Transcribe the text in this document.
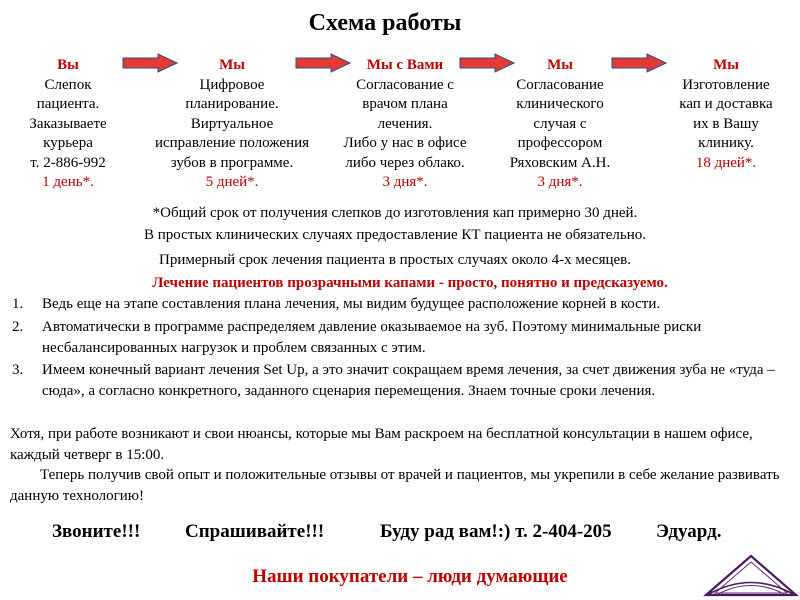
Схема работы
Вы
Слепок
пациента.
Заказываете
курьера
т. 2-886-992
1 день*.
Мы
Цифровое
планирование.
Виртуальное
исправление положения
зубов в программе.
5 дней*.
Мы с Вами
Согласование с
врачом плана
лечения.
Либо у нас в офисе
либо через облако.
3 дня*.
Мы
Согласование
клинического
случая с
профессором
Ряховским А.Н.
3 дня*.
Мы
Изготовление
кап и доставка
их в Вашу
клинику.
18 дней*.
*Общий срок от получения слепков до изготовления кап примерно 30 дней.
В простых клинических случаях предоставление КТ пациента не обязательно.
Примерный срок лечения пациента в простых случаях около 4-х месяцев.
Лечение пациентов прозрачными капами - просто, понятно и предсказуемо.
1. Ведь еще на этапе составления плана лечения, мы видим будущее расположение корней в кости.
2. Автоматически в программе распределяем давление оказываемое на зуб. Поэтому минимальные риски несбалансированных нагрузок и проблем связанных с этим.
3. Имеем конечный вариант лечения Set Up, а это значит сокращаем время лечения, за счет движения зуба не «туда – сюда», а согласно конкретного, заданного сценария перемещения. Знаем точные сроки лечения.
Хотя, при работе возникают и свои нюансы, которые мы Вам раскроем на бесплатной консультации в нашем офисе, каждый четверг в 15:00.
Теперь получив свой опыт и положительные отзывы от врачей и пациентов, мы укрепили в себе желание развивать данную технологию!
Звоните!!! Спрашивайте!!!	Буду рад вам!:) т. 2-404-205 Эдуард.
Наши покупатели – люди думающие
